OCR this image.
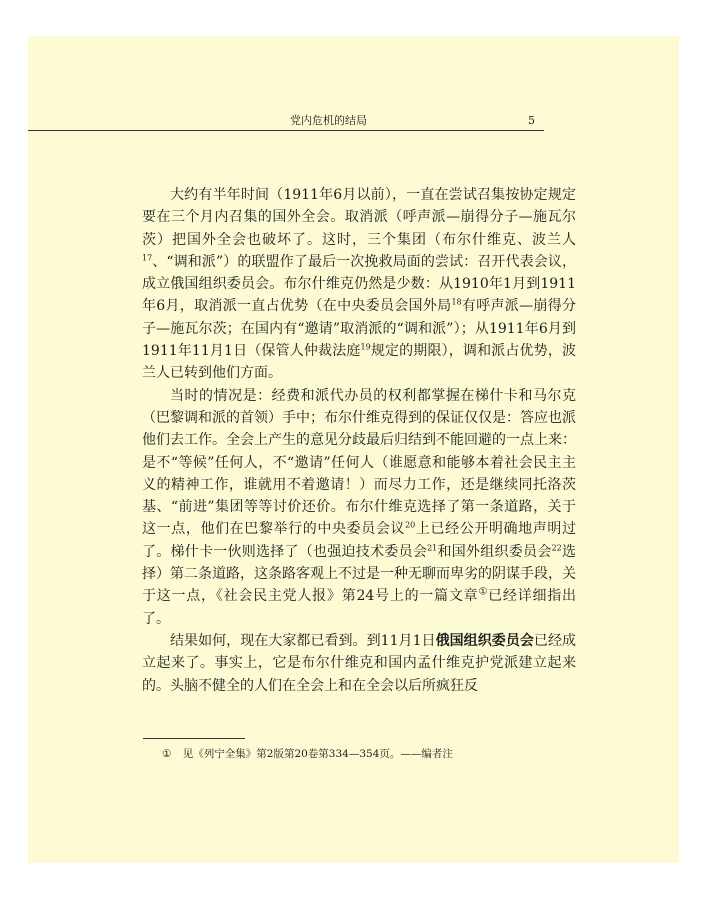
党内危机的结局	5

大约有半年时间（1911年6月以前），一直在尝试召集按协定规定要在三个月内召集的国外全会。取消派（呼声派—崩得分子—施瓦尔茨）把国外全会也破坏了。这时，三个集团（布尔什维克、波兰人$^{17}$、“调和派”）的联盟作了最后一次挽救局面的尝试：召开代表会议，成立俄国组织委员会。布尔什维克仍然是少数：从1910年1月到1911年6月，取消派一直占优势（在中央委员会国外局$^{18}$有呼声派—崩得分子—施瓦尔茨；在国内有“邀请”取消派的“调和派”）；从1911年6月到1911年11月1日（保管人仲裁法庭$^{19}$规定的期限），调和派占优势，波兰人已转到他们方面。

当时的情况是：经费和派代办员的权利都掌握在梯什卡和马尔克（巴黎调和派的首领）手中；布尔什维克得到的保证仅仅是：答应也派他们去工作。全会上产生的意见分歧最后归结到不能回避的一点上来：是不“等候”任何人，不“邀请”任何人（谁愿意和能够本着社会民主主义的精神工作，谁就用不着邀请！）而尽力工作，还是继续同托洛茨基、“前进”集团等等讨价还价。布尔什维克选择了第一条道路，关于这一点，他们在巴黎举行的中央委员会议$^{20}$上已经公开明确地声明过了。梯什卡一伙则选择了（也强迫技术委员会$^{21}$和国外组织委员会$^{22}$选择）第二条道路，这条路客观上不过是一种无聊而卑劣的阴谋手段，关于这一点，《社会民主党人报》第24号上的一篇文章①已经详细指出了。

结果如何，现在大家都已看到。到11月1日俄国组织委员会已经成立起来了。事实上，它是布尔什维克和国内孟什维克护党派建立起来的。头脑不健全的人们在全会上和在全会以后所疯狂反

① 见《列宁全集》第2版第20卷第334—354页。——编者注
